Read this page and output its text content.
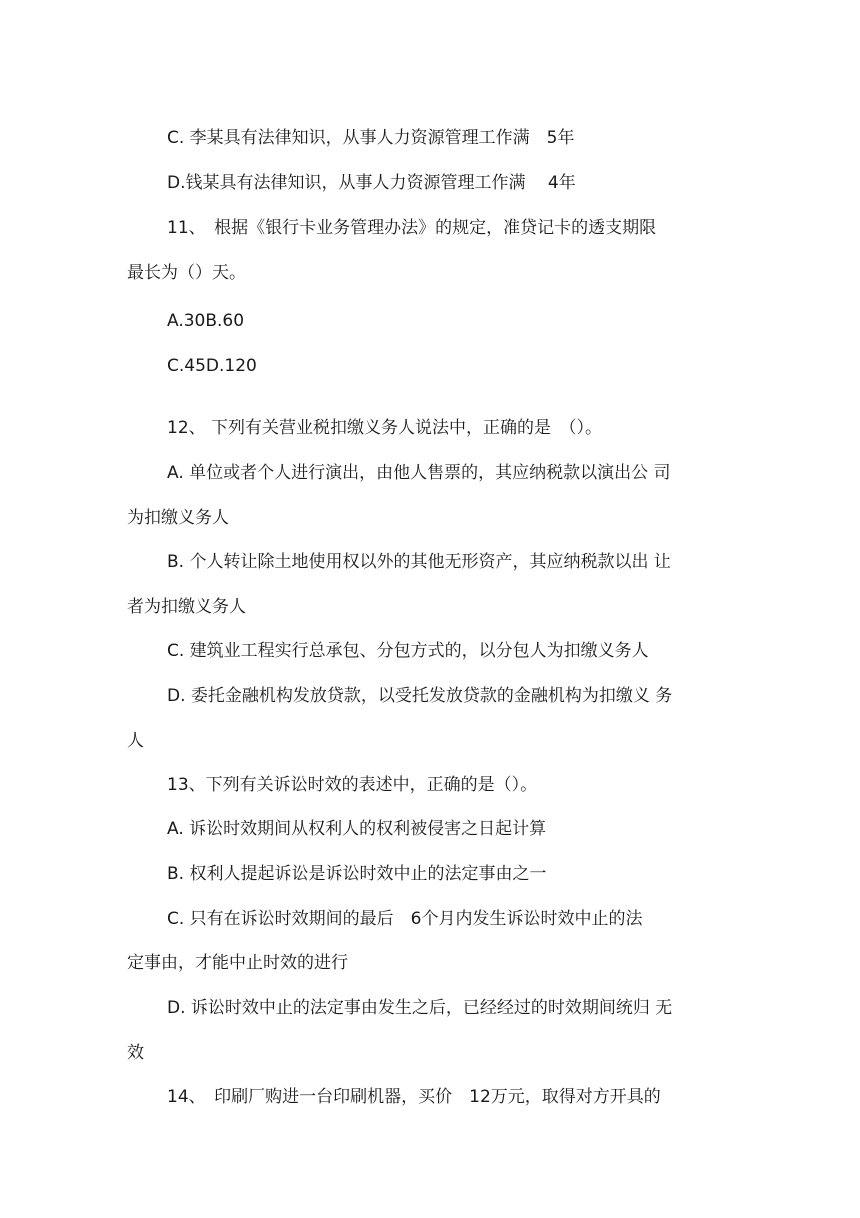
C. 李某具有法律知识，从事人力资源管理工作满　5年
D.钱某具有法律知识，从事人力资源管理工作满　 4年
11、　根据《银行卡业务管理办法》的规定，准贷记卡的透支期限
最长为（）天。
A.30B.60
C.45D.120
12、 下列有关营业税扣缴义务人说法中，正确的是　（）。
A. 单位或者个人进行演出，由他人售票的，其应纳税款以演出公 司
为扣缴义务人
B. 个人转让除土地使用权以外的其他无形资产，其应纳税款以出 让
者为扣缴义务人
C. 建筑业工程实行总承包、分包方式的，以分包人为扣缴义务人
D. 委托金融机构发放贷款，以受托发放贷款的金融机构为扣缴义 务
人
13、下列有关诉讼时效的表述中，正确的是（）。
A. 诉讼时效期间从权利人的权利被侵害之日起计算
B. 权利人提起诉讼是诉讼时效中止的法定事由之一
C. 只有在诉讼时效期间的最后　6个月内发生诉讼时效中止的法
定事由，才能中止时效的进行
D. 诉讼时效中止的法定事由发生之后，已经经过的时效期间统归 无
效
14、　印刷厂购进一台印刷机器，买价　12万元，取得对方开具的
